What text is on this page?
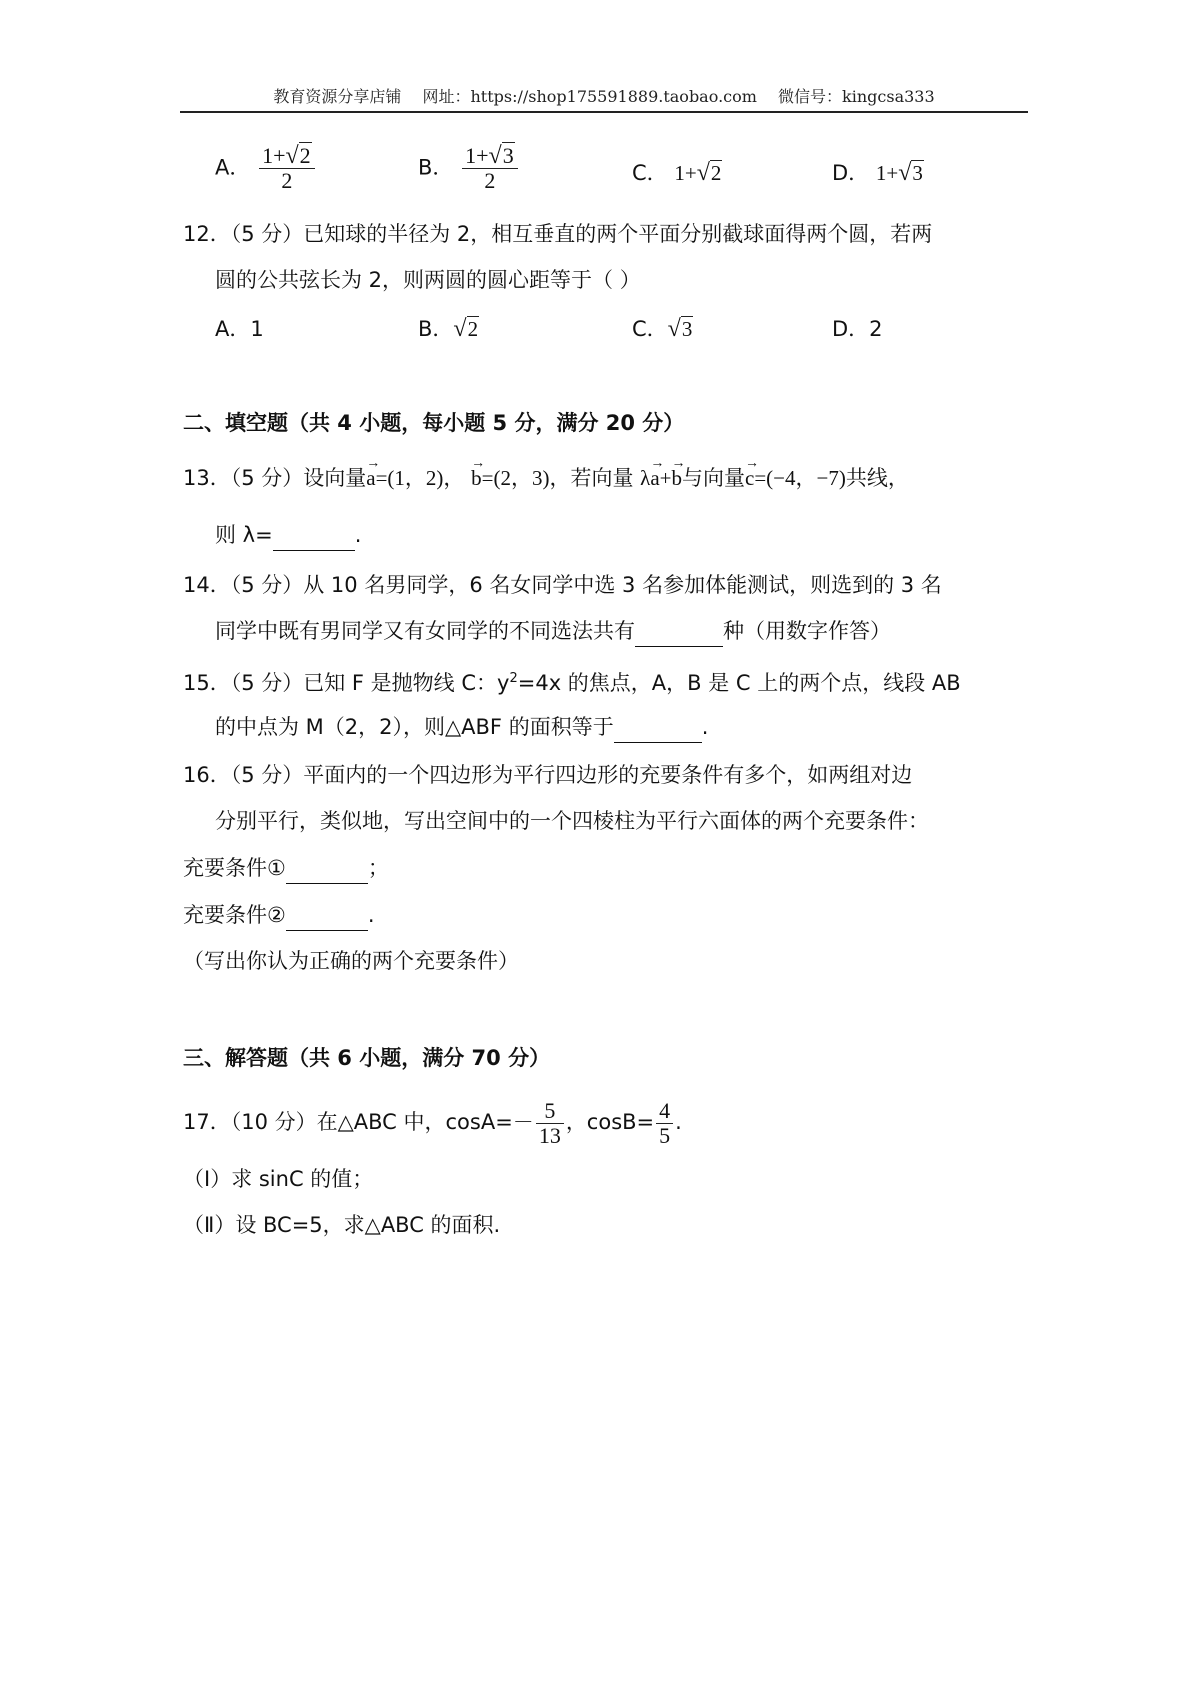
教育资源分享店铺 网址：https://shop175591889.taobao.com 微信号：kingcsa333
A． $\frac{1+√2}{2}$	B． $\frac{1+√3}{2}$	C． 1+√2	D． 1+√3
12．（5 分）已知球的半径为 2，相互垂直的两个平面分别截球面得两个圆，若两
圆的公共弦长为 2，则两圆的圆心距等于（ ）
A．1	B．√2	C．√3	D．2
二、填空题（共 4 小题，每小题 5 分，满分 20 分）
13．（5 分）设向量→ a=(1，2)， → b=(2，3)，若向量 λ→ a+→ b与向量→ c=(−4，−7)共线，
则 λ=	.
14．（5 分）从 10 名男同学，6 名女同学中选 3 名参加体能测试，则选到的 3 名
同学中既有男同学又有女同学的不同选法共有	种（用数字作答）
15．（5 分）已知 F 是抛物线 C：$y^2=4x$ 的焦点，A，B 是 C 上的两个点，线段 AB
的中点为 M（2，2），则△ABF 的面积等于	.
16．（5 分）平面内的一个四边形为平行四边形的充要条件有多个，如两组对边
分别平行，类似地，写出空间中的一个四棱柱为平行六面体的两个充要条件：
充要条件①	；
充要条件②	.
（写出你认为正确的两个充要条件）
三、解答题（共 6 小题，满分 70 分）
17．（10 分）在△ABC 中，$\cos A=- \frac{5}{13}$ ，$\cos B= \frac{4}{5}$ .
（Ⅰ）求 sinC 的值；
（Ⅱ）设 BC=5，求△ABC 的面积.
